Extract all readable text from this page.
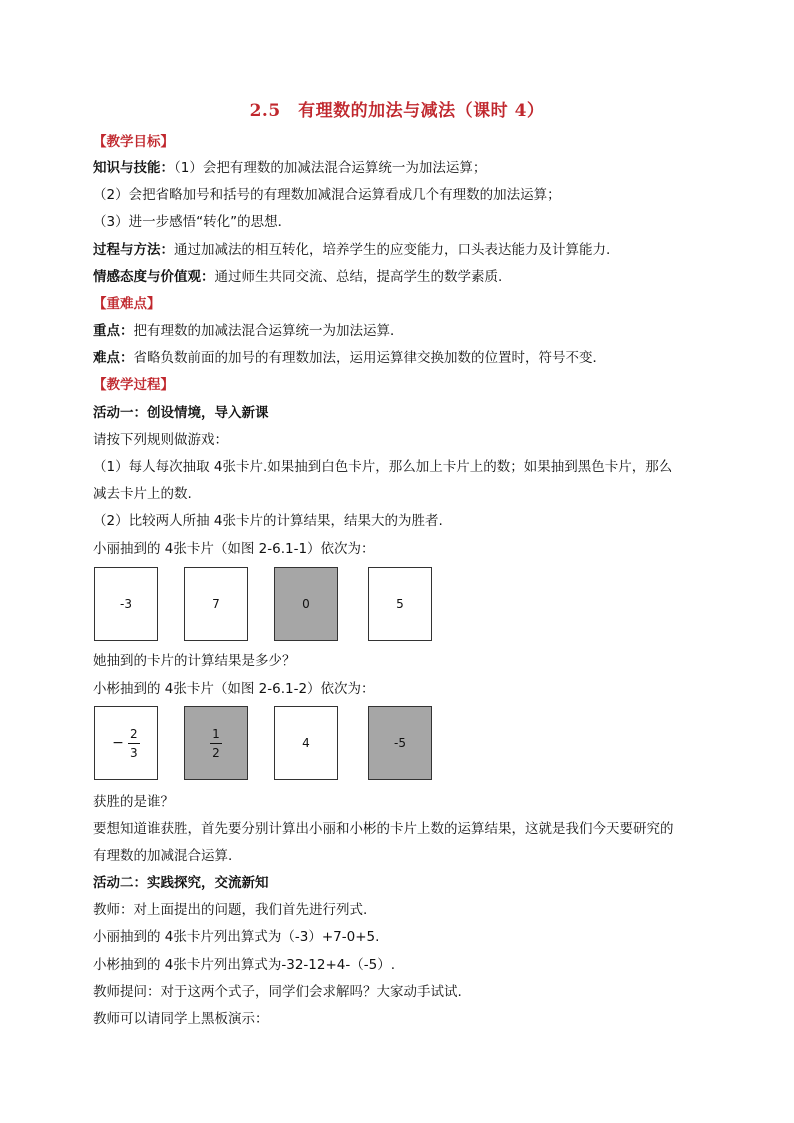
2.5　有理数的加法与减法（课时 4）
【教学目标】
知识与技能：（1）会把有理数的加减法混合运算统一为加法运算；
（2）会把省略加号和括号的有理数加减混合运算看成几个有理数的加法运算；
（3）进一步感悟“转化”的思想．
过程与方法：通过加减法的相互转化，培养学生的应变能力，口头表达能力及计算能力.
情感态度与价值观：通过师生共同交流、总结，提高学生的数学素质.
【重难点】
重点：把有理数的加减法混合运算统一为加法运算．
难点：省略负数前面的加号的有理数加法，运用运算律交换加数的位置时，符号不变．
【教学过程】
活动一：创设情境，导入新课
请按下列规则做游戏：
（1）每人每次抽取 4张卡片.如果抽到白色卡片，那么加上卡片上的数；如果抽到黑色卡片，那么
减去卡片上的数.
（2）比较两人所抽 4张卡片的计算结果，结果大的为胜者.
小丽抽到的 4张卡片（如图 2-6.1-1）依次为：
-3	7	0	5
她抽到的卡片的计算结果是多少？
小彬抽到的 4张卡片（如图 2-6.1-2）依次为：
− $\frac{2}{3}$	$\frac{1}{2}$	4	-5
获胜的是谁？
要想知道谁获胜，首先要分别计算出小丽和小彬的卡片上数的运算结果，这就是我们今天要研究的
有理数的加减混合运算.
活动二：实践探究，交流新知
教师：对上面提出的问题，我们首先进行列式.
小丽抽到的 4张卡片列出算式为（-3）+7-0+5.
小彬抽到的 4张卡片列出算式为-32-12+4-（-5）.
教师提问：对于这两个式子，同学们会求解吗？大家动手试试.
教师可以请同学上黑板演示：
